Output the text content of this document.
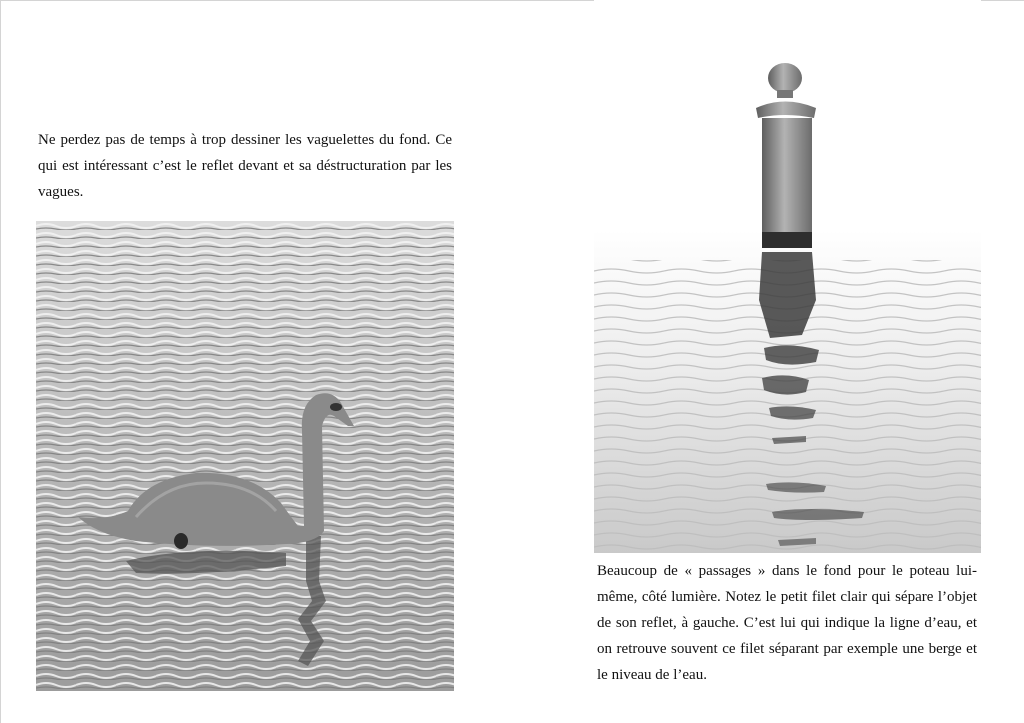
Ne perdez pas de temps à trop dessiner les vaguelettes du fond. Ce qui est intéressant c’est le reflet devant et sa déstructuration par les vagues.
Beaucoup de « passages » dans le fond pour le poteau lui-même, côté lumière. Notez le petit filet clair qui sépare l’objet de son reflet, à gauche. C’est lui qui indique la ligne d’eau, et on retrouve souvent ce filet séparant par exemple une berge et le niveau de l’eau.
